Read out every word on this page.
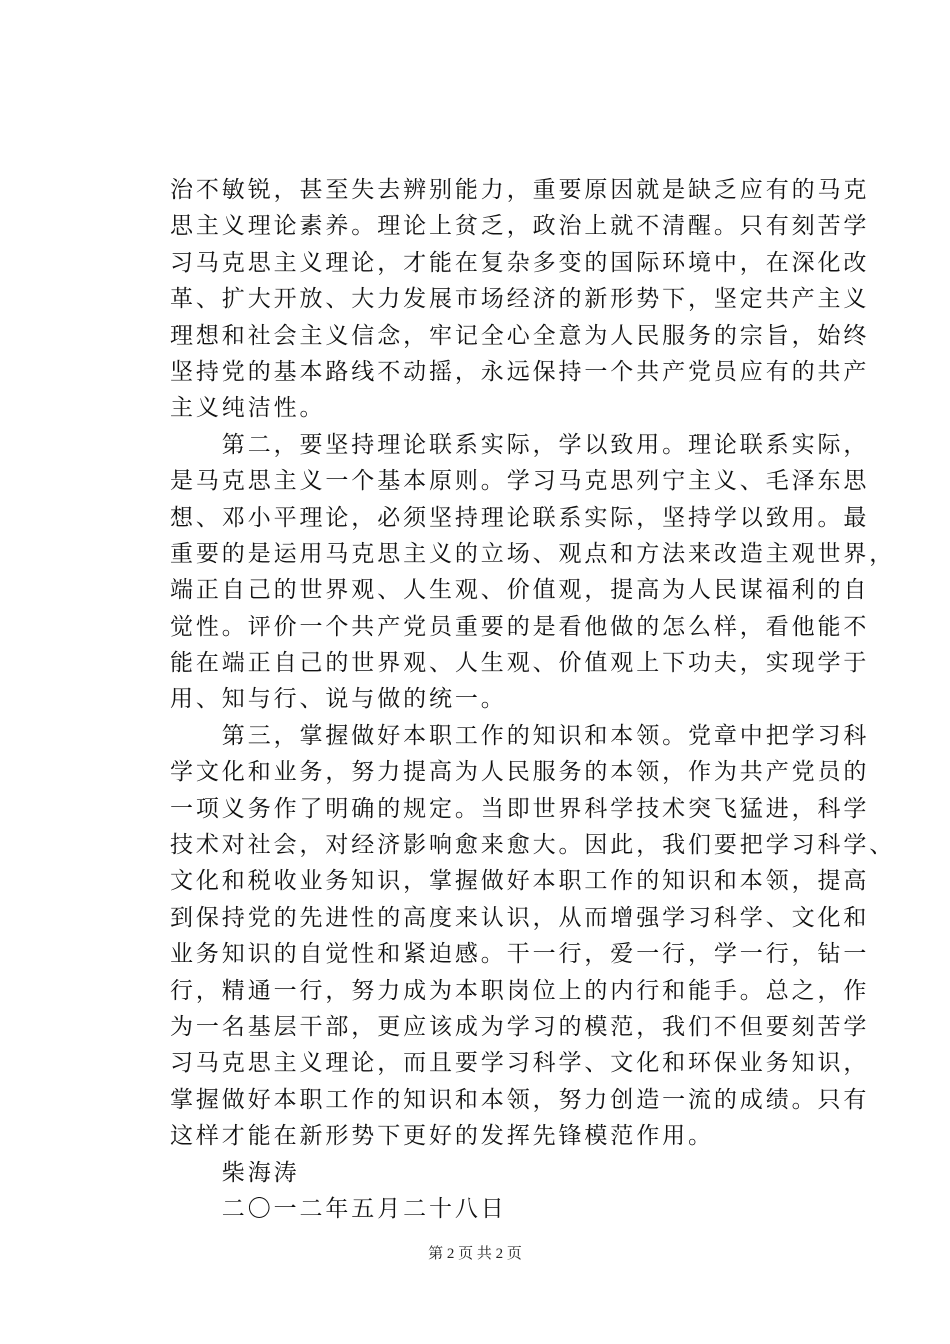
治不敏锐，甚至失去辨别能力，重要原因就是缺乏应有的马克
思主义理论素养。理论上贫乏，政治上就不清醒。只有刻苦学
习马克思主义理论，才能在复杂多变的国际环境中，在深化改
革、扩大开放、大力发展市场经济的新形势下，坚定共产主义
理想和社会主义信念，牢记全心全意为人民服务的宗旨，始终
坚持党的基本路线不动摇，永远保持一个共产党员应有的共产
主义纯洁性。
　　第二，要坚持理论联系实际，学以致用。理论联系实际，
是马克思主义一个基本原则。学习马克思列宁主义、毛泽东思
想、邓小平理论，必须坚持理论联系实际，坚持学以致用。最
重要的是运用马克思主义的立场、观点和方法来改造主观世界，
端正自己的世界观、人生观、价值观，提高为人民谋福利的自
觉性。评价一个共产党员重要的是看他做的怎么样，看他能不
能在端正自己的世界观、人生观、价值观上下功夫，实现学于
用、知与行、说与做的统一。
　　第三，掌握做好本职工作的知识和本领。党章中把学习科
学文化和业务，努力提高为人民服务的本领，作为共产党员的
一项义务作了明确的规定。当即世界科学技术突飞猛进，科学
技术对社会，对经济影响愈来愈大。因此，我们要把学习科学、
文化和税收业务知识，掌握做好本职工作的知识和本领，提高
到保持党的先进性的高度来认识，从而增强学习科学、文化和
业务知识的自觉性和紧迫感。干一行，爱一行，学一行，钻一
行，精通一行，努力成为本职岗位上的内行和能手。总之，作
为一名基层干部，更应该成为学习的模范，我们不但要刻苦学
习马克思主义理论，而且要学习科学、文化和环保业务知识，
掌握做好本职工作的知识和本领，努力创造一流的成绩。只有
这样才能在新形势下更好的发挥先锋模范作用。
　　柴海涛
　　二〇一二年五月二十八日
第 2 页 共 2 页
